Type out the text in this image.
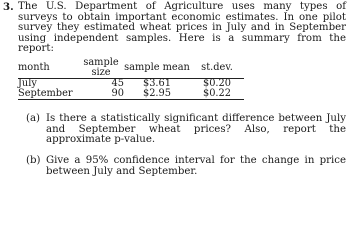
3. The U.S. Department of Agriculture uses many types of surveys to obtain important economic estimates. In one pilot survey they estimated wheat prices in July and in September using independent samples. Here is a summary from the report:

month	sample size	sample mean	st.dev.
July	45	$3.61	$0.20
September	90	$2.95	$0.22

(a) Is there a statistically significant difference between July and September wheat prices? Also, report the approximate p-value.

(b) Give a 95% confidence interval for the change in price between July and September.
